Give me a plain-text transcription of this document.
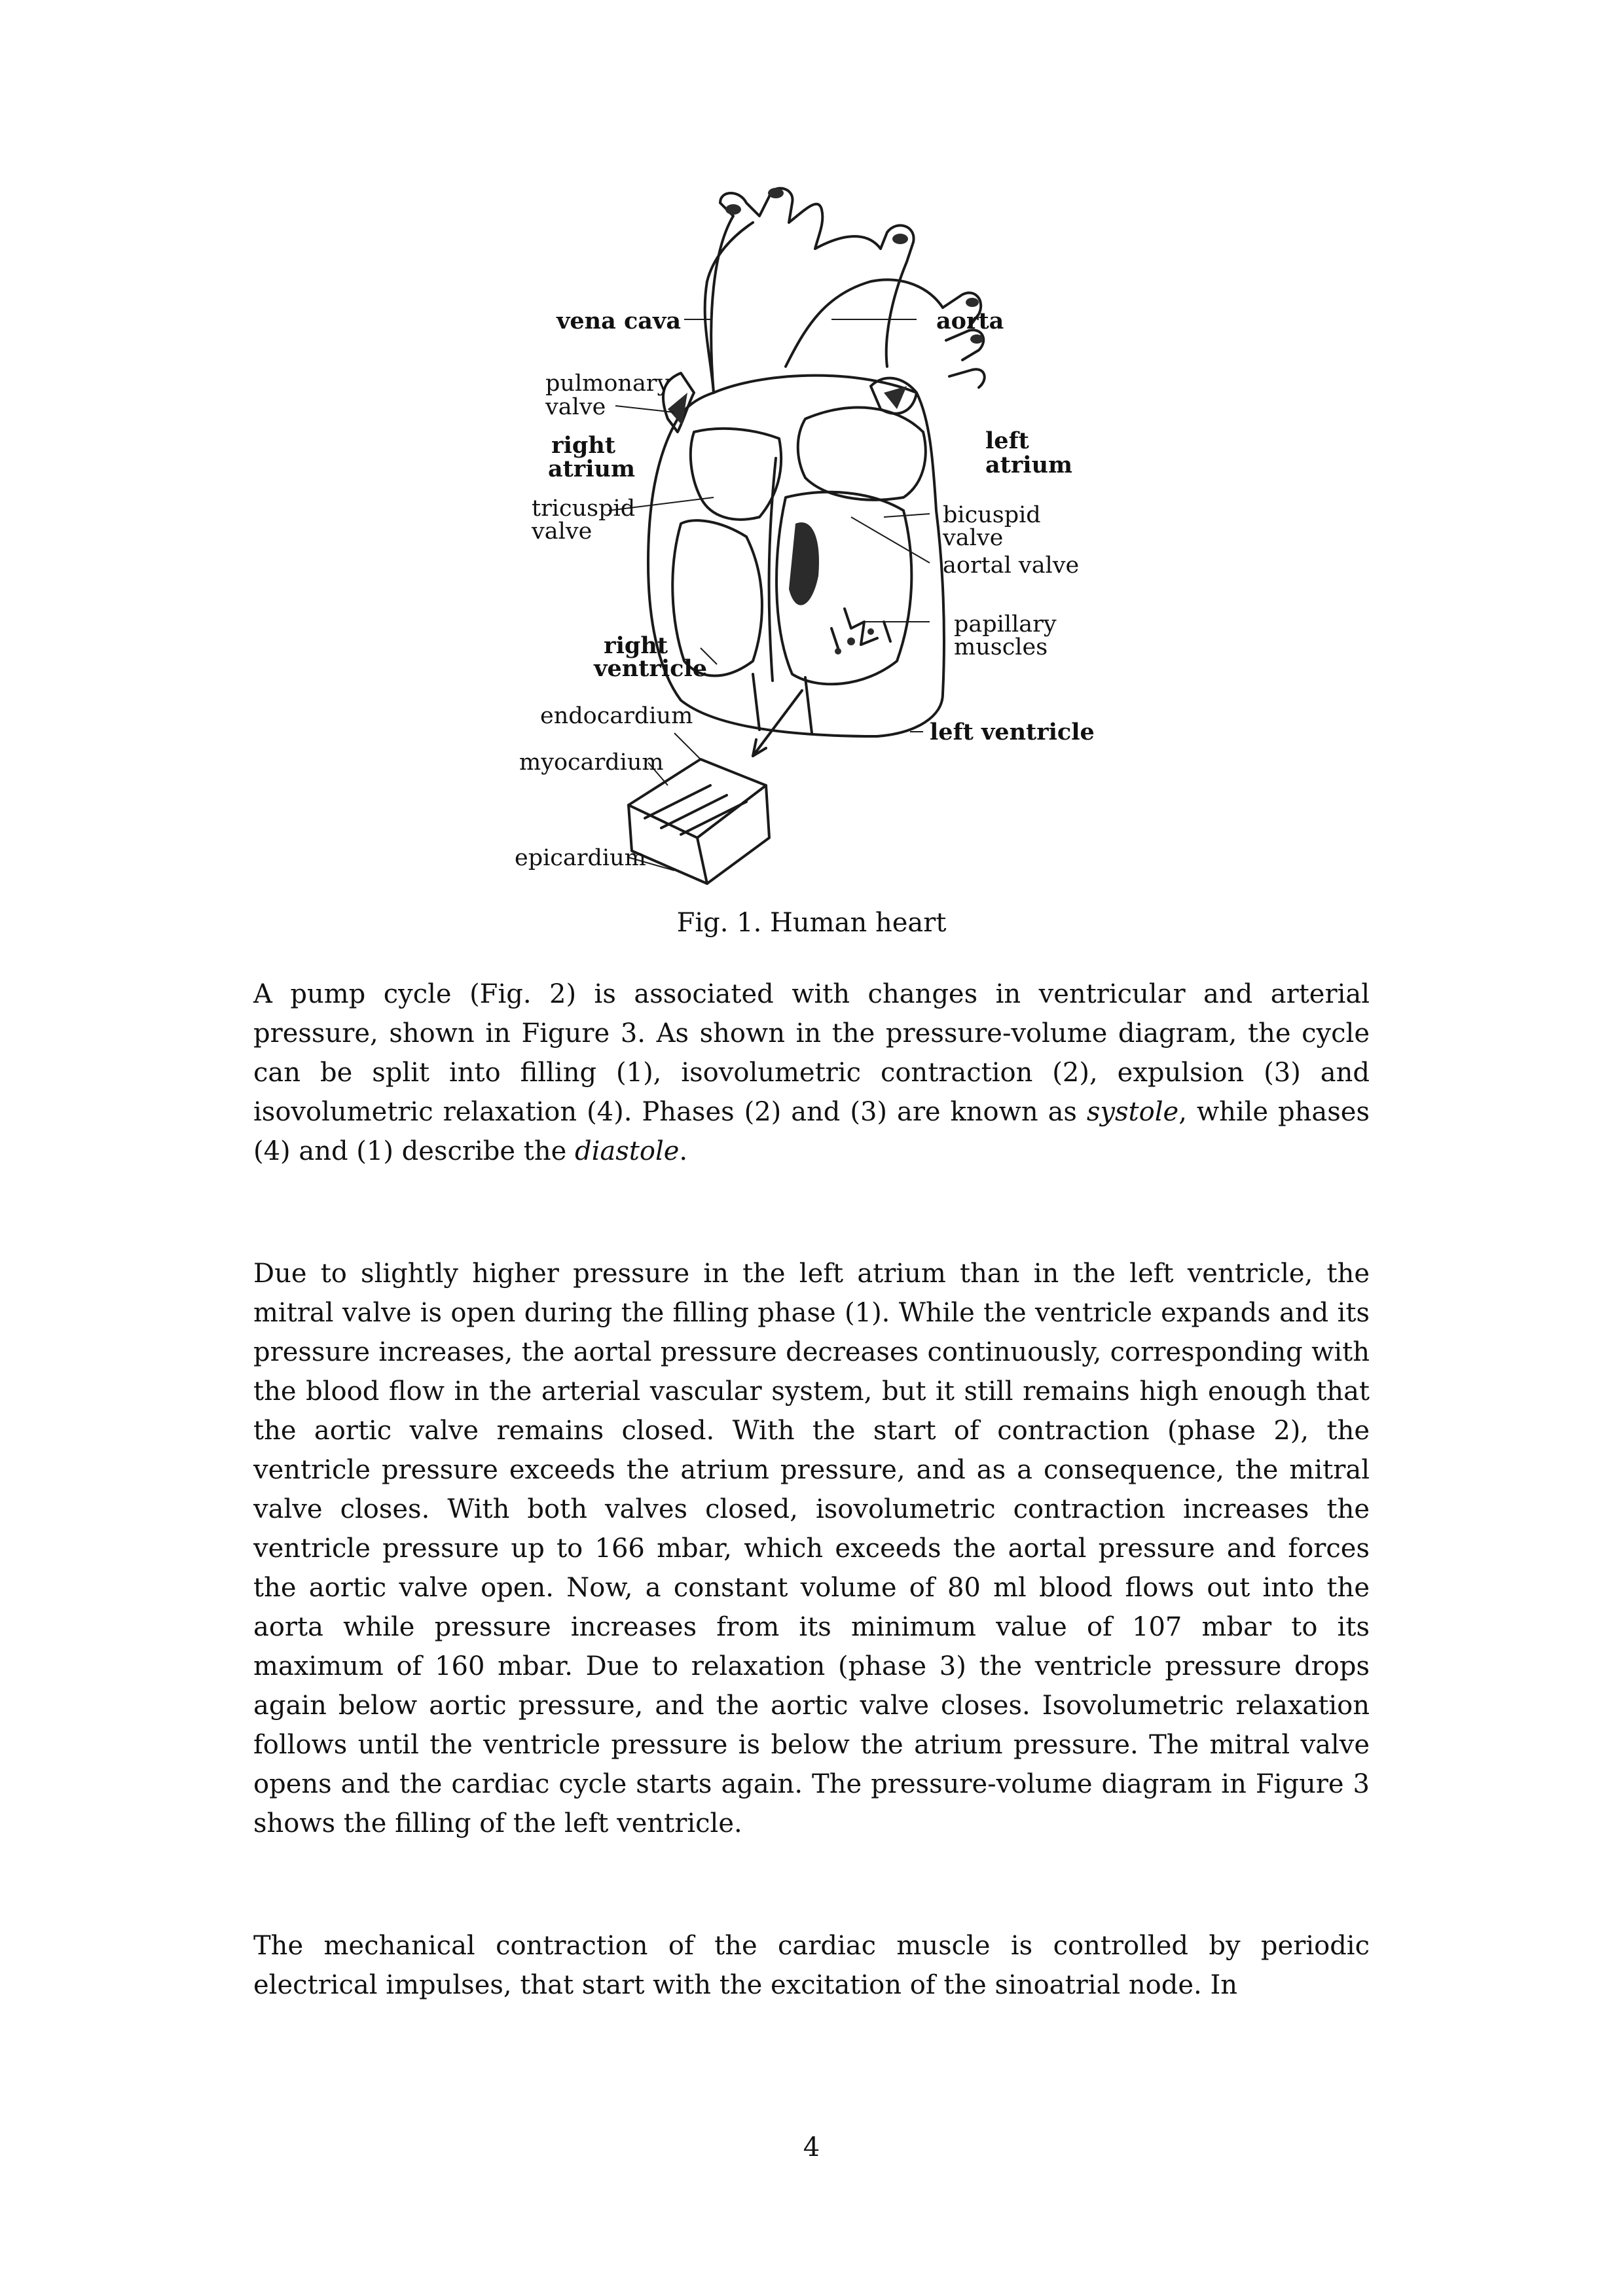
vena cava	aorta
pulmonary
valve
right
atrium
left
atrium
tricuspid
valve
bicuspid
valve
aortal valve
papillary
muscles
right
ventricle
endocardium
left ventricle
myocardium
epicardium
Fig. 1. Human heart

A pump cycle (Fig. 2) is associated with changes in ventricular and arterial pressure, shown in Figure 3. As shown in the pressure-volume diagram, the cycle can be split into filling (1), isovolumetric contraction (2), expulsion (3) and isovolumetric relaxation (4). Phases (2) and (3) are known as systole, while phases (4) and (1) describe the diastole.

Due to slightly higher pressure in the left atrium than in the left ventricle, the mitral valve is open during the filling phase (1). While the ventricle expands and its pressure increases, the aortal pressure decreases continuously, corresponding with the blood flow in the arterial vascular system, but it still remains high enough that the aortic valve remains closed. With the start of contraction (phase 2), the ventricle pressure exceeds the atrium pressure, and as a consequence, the mitral valve closes. With both valves closed, isovolumetric contraction increases the ventricle pressure up to 166 mbar, which exceeds the aortal pressure and forces the aortic valve open. Now, a constant volume of 80 ml blood flows out into the aorta while pressure increases from its minimum value of 107 mbar to its maximum of 160 mbar. Due to relaxation (phase 3) the ventricle pressure drops again below aortic pressure, and the aortic valve closes. Isovolumetric relaxation follows until the ventricle pressure is below the atrium pressure. The mitral valve opens and the cardiac cycle starts again. The pressure-volume diagram in Figure 3 shows the filling of the left ventricle.

The mechanical contraction of the cardiac muscle is controlled by periodic electrical impulses, that start with the excitation of the sinoatrial node. In

4
